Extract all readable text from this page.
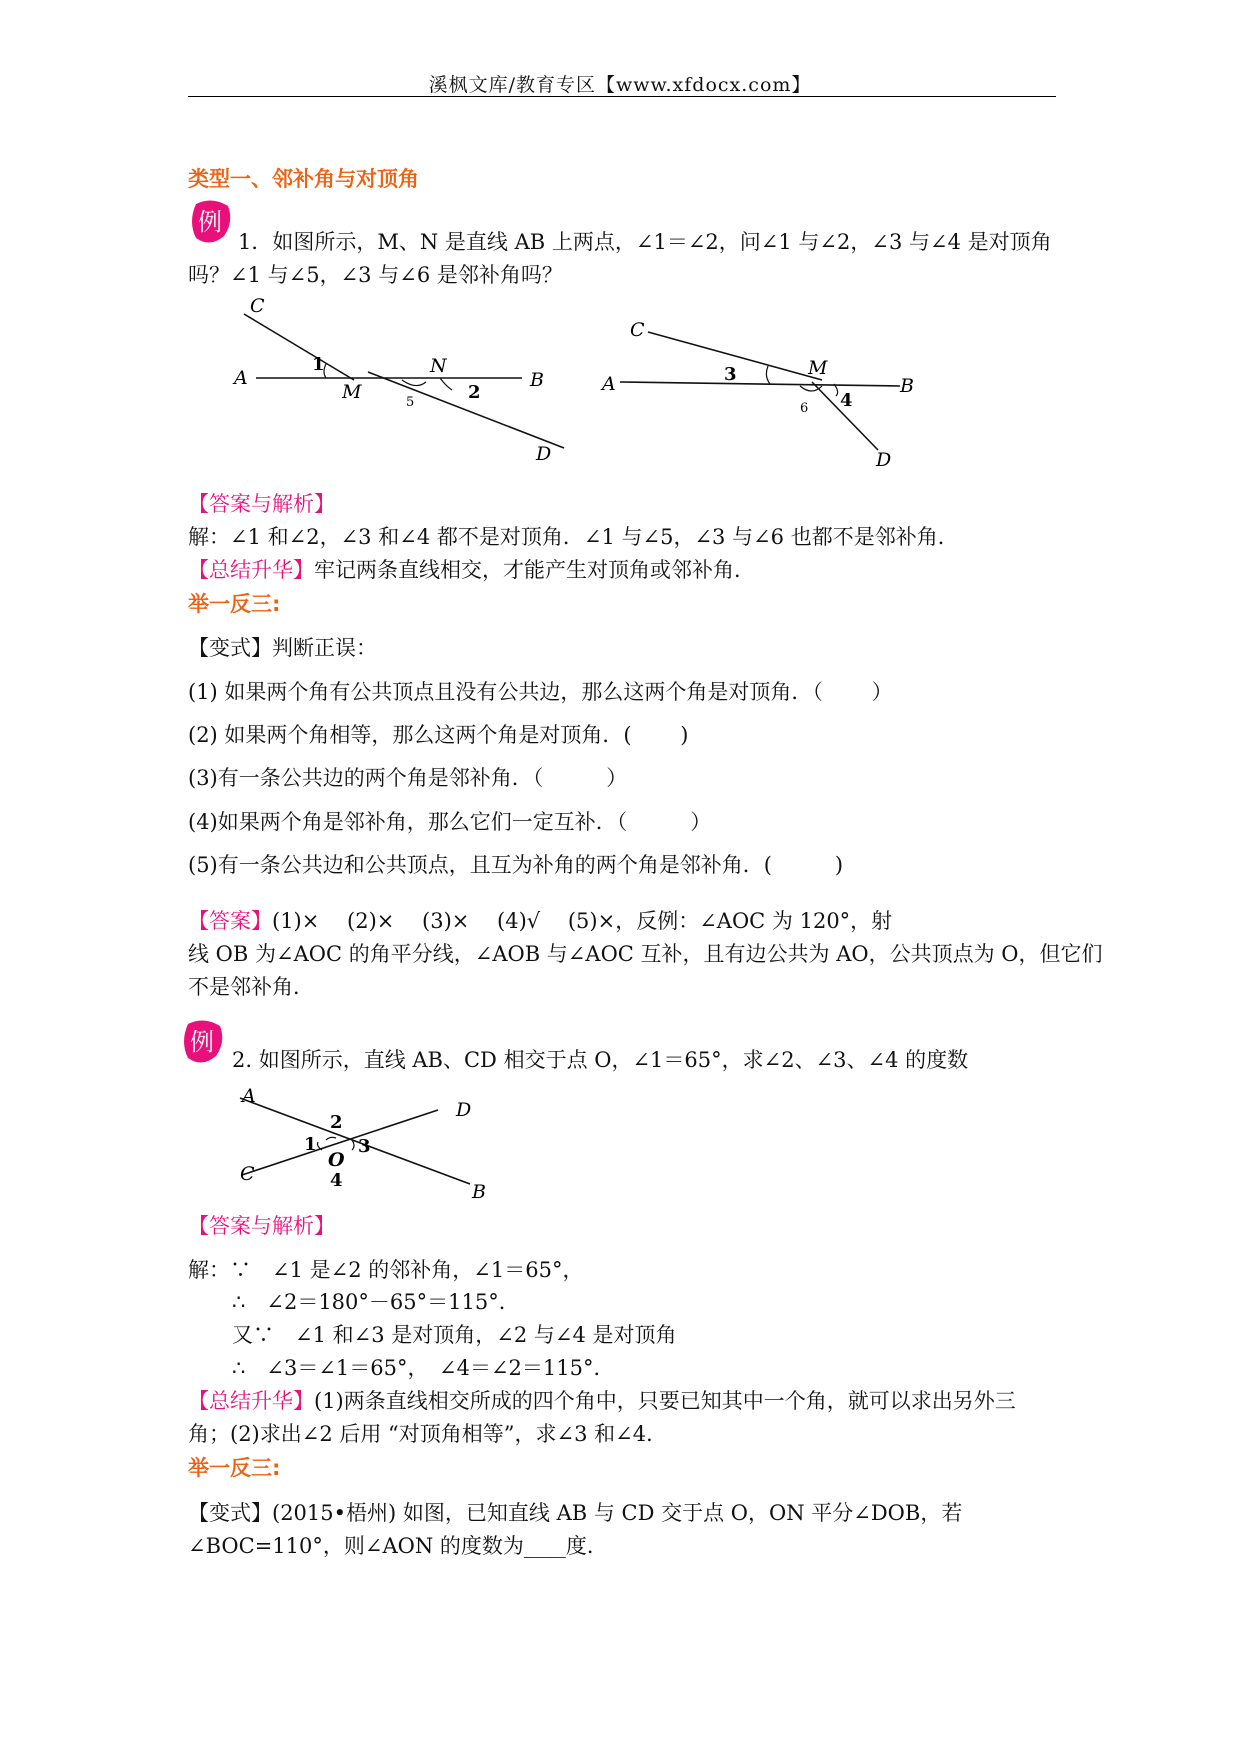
溪枫文库/教育专区【www.xfdocx.com】
类型一、邻补角与对顶角
例
1．如图所示，M、N 是直线 AB 上两点，∠1＝∠2，问∠1 与∠2，∠3 与∠4 是对顶角
吗？∠1 与∠5，∠3 与∠6 是邻补角吗？
C
A
M
N
B
D
1
5	2
C
A
M
B
D
3
6 4
【答案与解析】
解：∠1 和∠2，∠3 和∠4 都不是对顶角．∠1 与∠5，∠3 与∠6 也都不是邻补角．
【总结升华】牢记两条直线相交，才能产生对顶角或邻补角．
举一反三:
【变式】判断正误：
(1) 如果两个角有公共顶点且没有公共边，那么这两个角是对顶角．（　　 ）
(2) 如果两个角相等，那么这两个角是对顶角．(　　 )
(3)有一条公共边的两个角是邻补角．（　　　）
(4)如果两个角是邻补角，那么它们一定互补．（　　　）
(5)有一条公共边和公共顶点，且互为补角的两个角是邻补角．(　　　)
【答案】(1)×　 (2)×　 (3)×　 (4)√　 (5)×，反例：∠AOC 为 120°，射
线 OB 为∠AOC 的角平分线，∠AOB 与∠AOC 互补，且有边公共为 AO，公共顶点为 O，但它们
不是邻补角．
例
2. 如图所示，直线 AB、CD 相交于点 O，∠1＝65°，求∠2、∠3、∠4 的度数
A
D
C
B
O
2
1 3
4
【答案与解析】
解：∵　∠1 是∠2 的邻补角，∠1＝65°，
∴　∠2＝180°－65°＝115°．
又∵　∠1 和∠3 是对顶角，∠2 与∠4 是对顶角
∴　∠3＝∠1＝65°，　∠4＝∠2＝115°．
【总结升华】(1)两条直线相交所成的四个角中，只要已知其中一个角，就可以求出另外三
角；(2)求出∠2 后用 “对顶角相等”，求∠3 和∠4．
举一反三:
【变式】(2015•梧州) 如图，已知直线 AB 与 CD 交于点 O，ON 平分∠DOB，若
∠BOC=110°，则∠AON 的度数为____度．
